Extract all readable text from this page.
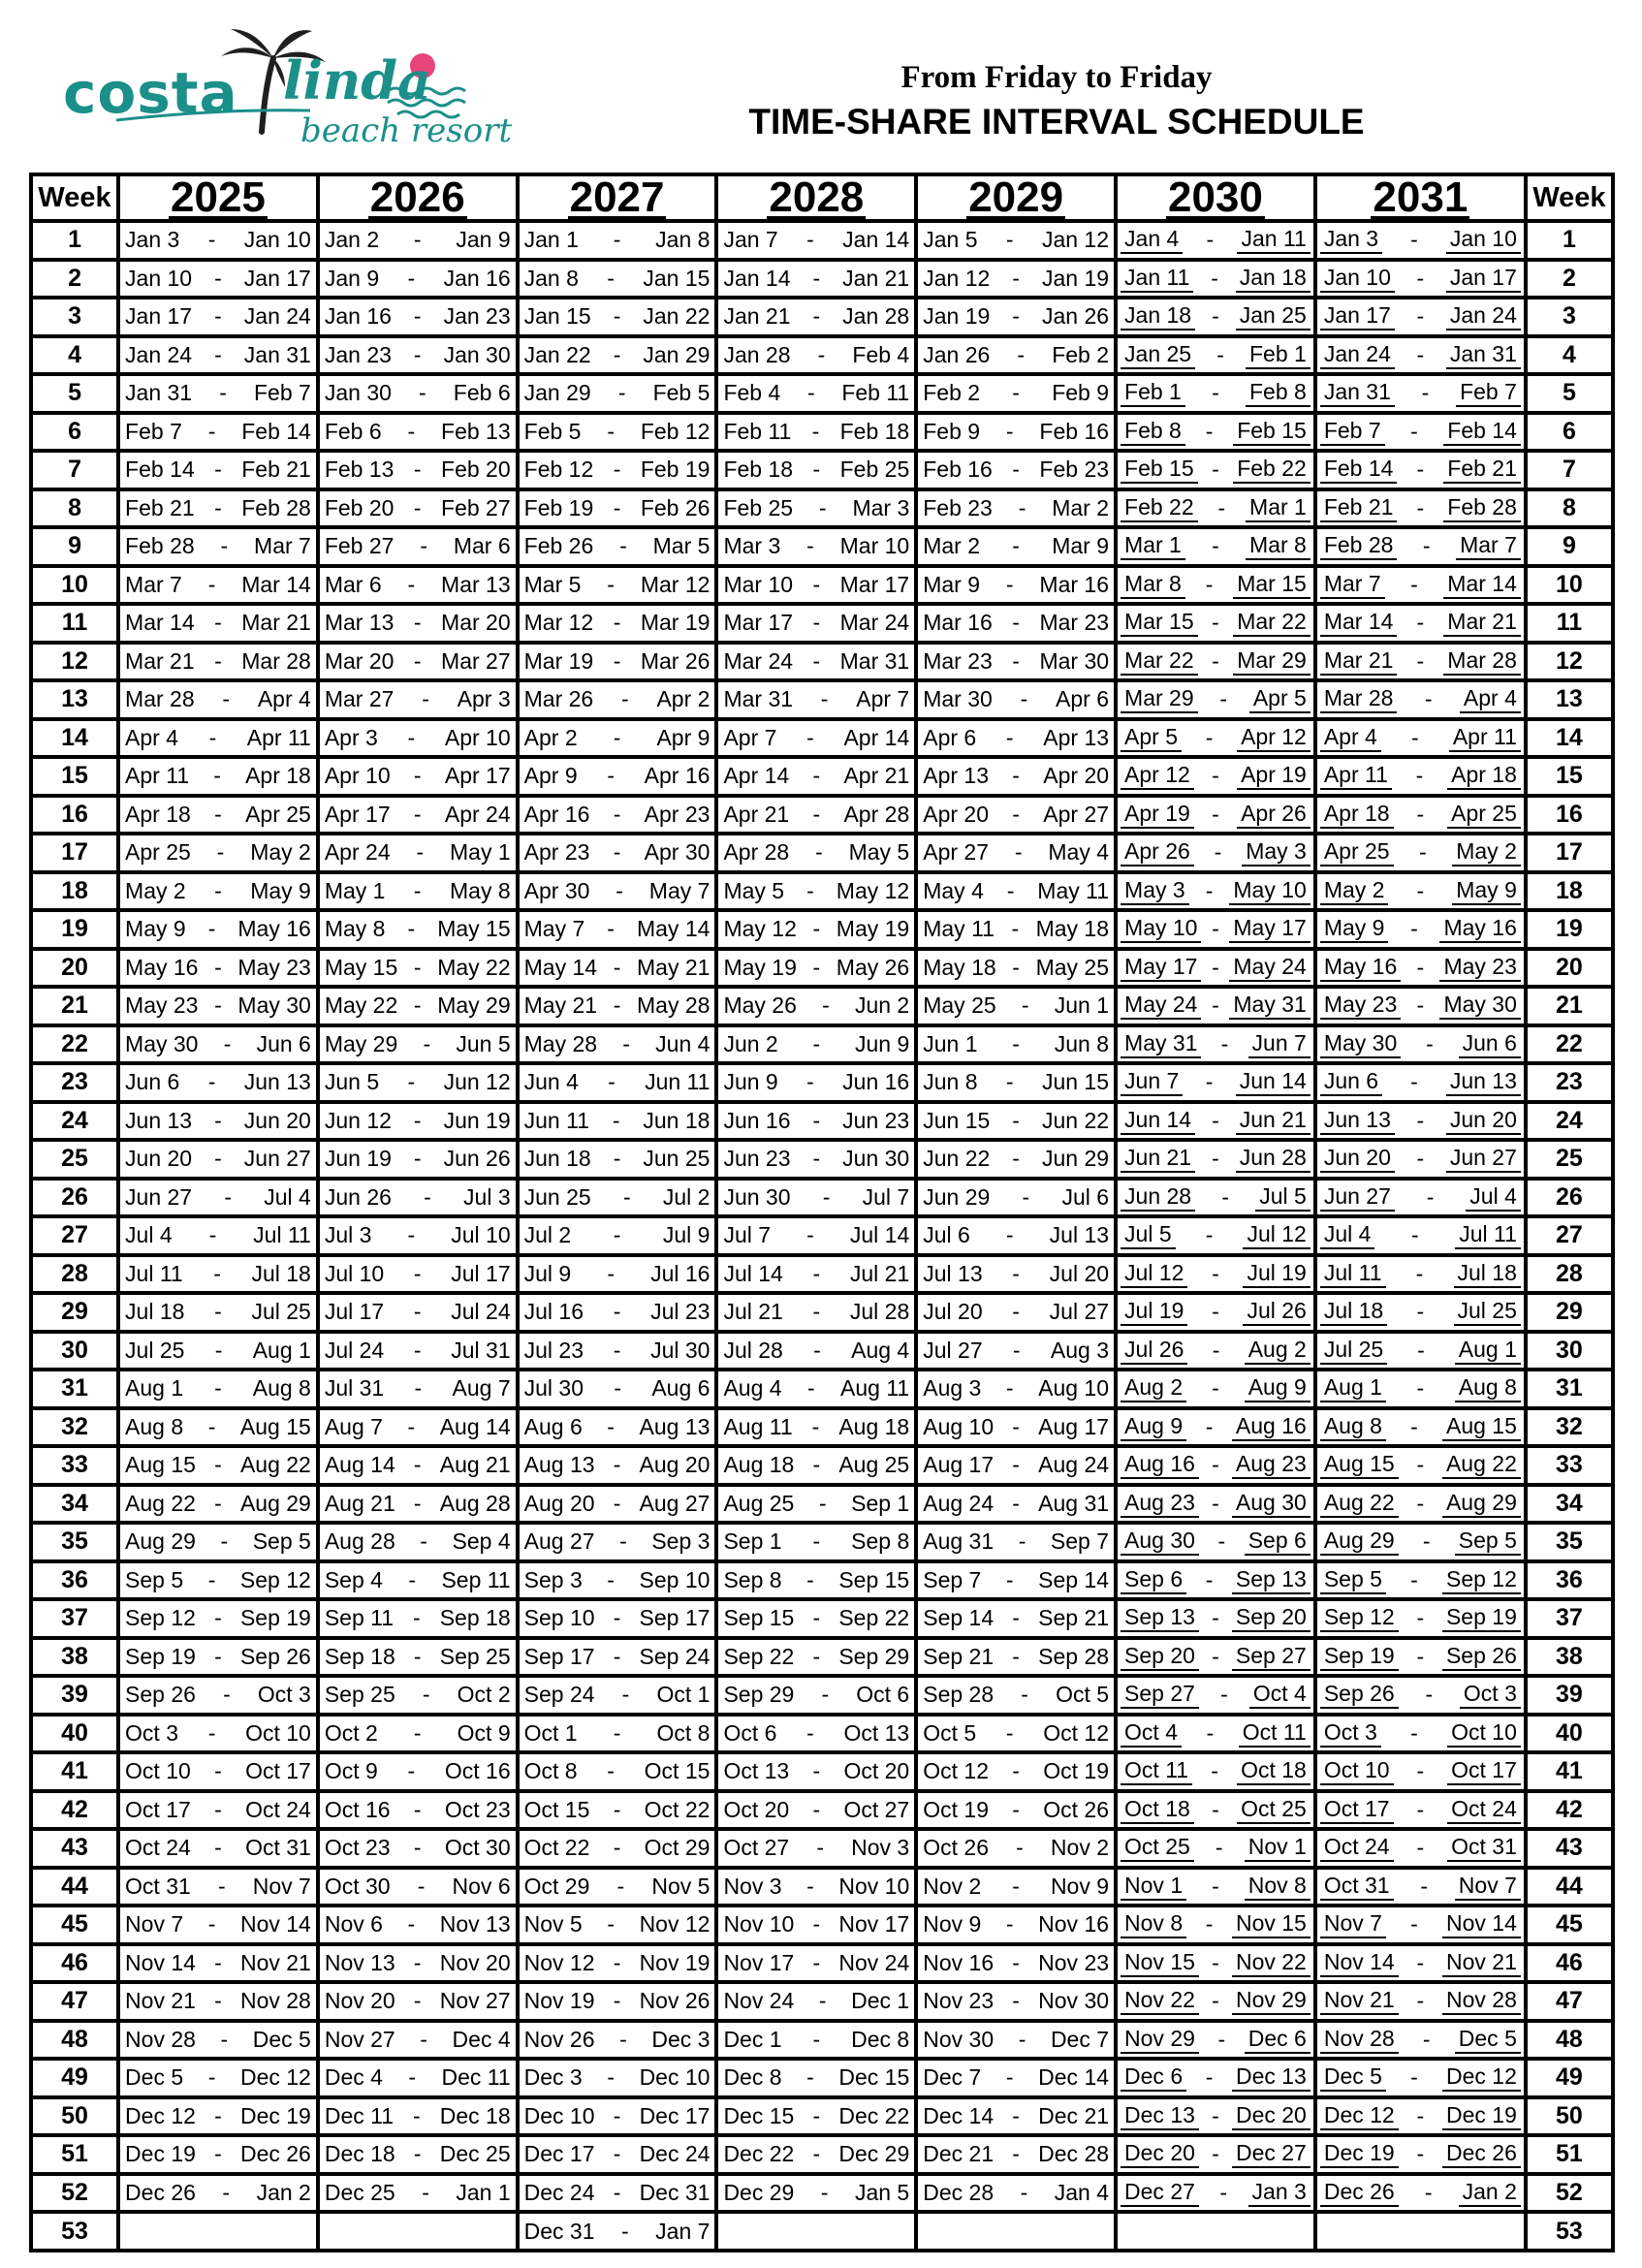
costa linda
beach resort
From Friday to Friday
TIME-SHARE INTERVAL SCHEDULE
Week	2025	2026	2027	2028	2029	2030	2031	Week
1	Jan 3 - Jan 10	Jan 2 - Jan 9	Jan 1 - Jan 8	Jan 7 - Jan 14	Jan 5 - Jan 12	Jan 4 - Jan 11	Jan 3 - Jan 10	1
2	Jan 10 - Jan 17	Jan 9 - Jan 16	Jan 8 - Jan 15	Jan 14 - Jan 21	Jan 12 - Jan 19	Jan 11 - Jan 18	Jan 10 - Jan 17	2
3	Jan 17 - Jan 24	Jan 16 - Jan 23	Jan 15 - Jan 22	Jan 21 - Jan 28	Jan 19 - Jan 26	Jan 18 - Jan 25	Jan 17 - Jan 24	3
4	Jan 24 - Jan 31	Jan 23 - Jan 30	Jan 22 - Jan 29	Jan 28 - Feb 4	Jan 26 - Feb 2	Jan 25 - Feb 1	Jan 24 - Jan 31	4
5	Jan 31 - Feb 7	Jan 30 - Feb 6	Jan 29 - Feb 5	Feb 4 - Feb 11	Feb 2 - Feb 9	Feb 1 - Feb 8	Jan 31 - Feb 7	5
6	Feb 7 - Feb 14	Feb 6 - Feb 13	Feb 5 - Feb 12	Feb 11 - Feb 18	Feb 9 - Feb 16	Feb 8 - Feb 15	Feb 7 - Feb 14	6
7	Feb 14 - Feb 21	Feb 13 - Feb 20	Feb 12 - Feb 19	Feb 18 - Feb 25	Feb 16 - Feb 23	Feb 15 - Feb 22	Feb 14 - Feb 21	7
8	Feb 21 - Feb 28	Feb 20 - Feb 27	Feb 19 - Feb 26	Feb 25 - Mar 3	Feb 23 - Mar 2	Feb 22 - Mar 1	Feb 21 - Feb 28	8
9	Feb 28 - Mar 7	Feb 27 - Mar 6	Feb 26 - Mar 5	Mar 3 - Mar 10	Mar 2 - Mar 9	Mar 1 - Mar 8	Feb 28 - Mar 7	9
10	Mar 7 - Mar 14	Mar 6 - Mar 13	Mar 5 - Mar 12	Mar 10 - Mar 17	Mar 9 - Mar 16	Mar 8 - Mar 15	Mar 7 - Mar 14	10
11	Mar 14 - Mar 21	Mar 13 - Mar 20	Mar 12 - Mar 19	Mar 17 - Mar 24	Mar 16 - Mar 23	Mar 15 - Mar 22	Mar 14 - Mar 21	11
12	Mar 21 - Mar 28	Mar 20 - Mar 27	Mar 19 - Mar 26	Mar 24 - Mar 31	Mar 23 - Mar 30	Mar 22 - Mar 29	Mar 21 - Mar 28	12
13	Mar 28 - Apr 4	Mar 27 - Apr 3	Mar 26 - Apr 2	Mar 31 - Apr 7	Mar 30 - Apr 6	Mar 29 - Apr 5	Mar 28 - Apr 4	13
14	Apr 4 - Apr 11	Apr 3 - Apr 10	Apr 2 - Apr 9	Apr 7 - Apr 14	Apr 6 - Apr 13	Apr 5 - Apr 12	Apr 4 - Apr 11	14
15	Apr 11 - Apr 18	Apr 10 - Apr 17	Apr 9 - Apr 16	Apr 14 - Apr 21	Apr 13 - Apr 20	Apr 12 - Apr 19	Apr 11 - Apr 18	15
16	Apr 18 - Apr 25	Apr 17 - Apr 24	Apr 16 - Apr 23	Apr 21 - Apr 28	Apr 20 - Apr 27	Apr 19 - Apr 26	Apr 18 - Apr 25	16
17	Apr 25 - May 2	Apr 24 - May 1	Apr 23 - Apr 30	Apr 28 - May 5	Apr 27 - May 4	Apr 26 - May 3	Apr 25 - May 2	17
18	May 2 - May 9	May 1 - May 8	Apr 30 - May 7	May 5 - May 12	May 4 - May 11	May 3 - May 10	May 2 - May 9	18
19	May 9 - May 16	May 8 - May 15	May 7 - May 14	May 12 - May 19	May 11 - May 18	May 10 - May 17	May 9 - May 16	19
20	May 16 - May 23	May 15 - May 22	May 14 - May 21	May 19 - May 26	May 18 - May 25	May 17 - May 24	May 16 - May 23	20
21	May 23 - May 30	May 22 - May 29	May 21 - May 28	May 26 - Jun 2	May 25 - Jun 1	May 24 - May 31	May 23 - May 30	21
22	May 30 - Jun 6	May 29 - Jun 5	May 28 - Jun 4	Jun 2 - Jun 9	Jun 1 - Jun 8	May 31 - Jun 7	May 30 - Jun 6	22
23	Jun 6 - Jun 13	Jun 5 - Jun 12	Jun 4 - Jun 11	Jun 9 - Jun 16	Jun 8 - Jun 15	Jun 7 - Jun 14	Jun 6 - Jun 13	23
24	Jun 13 - Jun 20	Jun 12 - Jun 19	Jun 11 - Jun 18	Jun 16 - Jun 23	Jun 15 - Jun 22	Jun 14 - Jun 21	Jun 13 - Jun 20	24
25	Jun 20 - Jun 27	Jun 19 - Jun 26	Jun 18 - Jun 25	Jun 23 - Jun 30	Jun 22 - Jun 29	Jun 21 - Jun 28	Jun 20 - Jun 27	25
26	Jun 27 - Jul 4	Jun 26 - Jul 3	Jun 25 - Jul 2	Jun 30 - Jul 7	Jun 29 - Jul 6	Jun 28 - Jul 5	Jun 27 - Jul 4	26
27	Jul 4 - Jul 11	Jul 3 - Jul 10	Jul 2 - Jul 9	Jul 7 - Jul 14	Jul 6 - Jul 13	Jul 5 - Jul 12	Jul 4 - Jul 11	27
28	Jul 11 - Jul 18	Jul 10 - Jul 17	Jul 9 - Jul 16	Jul 14 - Jul 21	Jul 13 - Jul 20	Jul 12 - Jul 19	Jul 11 - Jul 18	28
29	Jul 18 - Jul 25	Jul 17 - Jul 24	Jul 16 - Jul 23	Jul 21 - Jul 28	Jul 20 - Jul 27	Jul 19 - Jul 26	Jul 18 - Jul 25	29
30	Jul 25 - Aug 1	Jul 24 - Jul 31	Jul 23 - Jul 30	Jul 28 - Aug 4	Jul 27 - Aug 3	Jul 26 - Aug 2	Jul 25 - Aug 1	30
31	Aug 1 - Aug 8	Jul 31 - Aug 7	Jul 30 - Aug 6	Aug 4 - Aug 11	Aug 3 - Aug 10	Aug 2 - Aug 9	Aug 1 - Aug 8	31
32	Aug 8 - Aug 15	Aug 7 - Aug 14	Aug 6 - Aug 13	Aug 11 - Aug 18	Aug 10 - Aug 17	Aug 9 - Aug 16	Aug 8 - Aug 15	32
33	Aug 15 - Aug 22	Aug 14 - Aug 21	Aug 13 - Aug 20	Aug 18 - Aug 25	Aug 17 - Aug 24	Aug 16 - Aug 23	Aug 15 - Aug 22	33
34	Aug 22 - Aug 29	Aug 21 - Aug 28	Aug 20 - Aug 27	Aug 25 - Sep 1	Aug 24 - Aug 31	Aug 23 - Aug 30	Aug 22 - Aug 29	34
35	Aug 29 - Sep 5	Aug 28 - Sep 4	Aug 27 - Sep 3	Sep 1 - Sep 8	Aug 31 - Sep 7	Aug 30 - Sep 6	Aug 29 - Sep 5	35
36	Sep 5 - Sep 12	Sep 4 - Sep 11	Sep 3 - Sep 10	Sep 8 - Sep 15	Sep 7 - Sep 14	Sep 6 - Sep 13	Sep 5 - Sep 12	36
37	Sep 12 - Sep 19	Sep 11 - Sep 18	Sep 10 - Sep 17	Sep 15 - Sep 22	Sep 14 - Sep 21	Sep 13 - Sep 20	Sep 12 - Sep 19	37
38	Sep 19 - Sep 26	Sep 18 - Sep 25	Sep 17 - Sep 24	Sep 22 - Sep 29	Sep 21 - Sep 28	Sep 20 - Sep 27	Sep 19 - Sep 26	38
39	Sep 26 - Oct 3	Sep 25 - Oct 2	Sep 24 - Oct 1	Sep 29 - Oct 6	Sep 28 - Oct 5	Sep 27 - Oct 4	Sep 26 - Oct 3	39
40	Oct 3 - Oct 10	Oct 2 - Oct 9	Oct 1 - Oct 8	Oct 6 - Oct 13	Oct 5 - Oct 12	Oct 4 - Oct 11	Oct 3 - Oct 10	40
41	Oct 10 - Oct 17	Oct 9 - Oct 16	Oct 8 - Oct 15	Oct 13 - Oct 20	Oct 12 - Oct 19	Oct 11 - Oct 18	Oct 10 - Oct 17	41
42	Oct 17 - Oct 24	Oct 16 - Oct 23	Oct 15 - Oct 22	Oct 20 - Oct 27	Oct 19 - Oct 26	Oct 18 - Oct 25	Oct 17 - Oct 24	42
43	Oct 24 - Oct 31	Oct 23 - Oct 30	Oct 22 - Oct 29	Oct 27 - Nov 3	Oct 26 - Nov 2	Oct 25 - Nov 1	Oct 24 - Oct 31	43
44	Oct 31 - Nov 7	Oct 30 - Nov 6	Oct 29 - Nov 5	Nov 3 - Nov 10	Nov 2 - Nov 9	Nov 1 - Nov 8	Oct 31 - Nov 7	44
45	Nov 7 - Nov 14	Nov 6 - Nov 13	Nov 5 - Nov 12	Nov 10 - Nov 17	Nov 9 - Nov 16	Nov 8 - Nov 15	Nov 7 - Nov 14	45
46	Nov 14 - Nov 21	Nov 13 - Nov 20	Nov 12 - Nov 19	Nov 17 - Nov 24	Nov 16 - Nov 23	Nov 15 - Nov 22	Nov 14 - Nov 21	46
47	Nov 21 - Nov 28	Nov 20 - Nov 27	Nov 19 - Nov 26	Nov 24 - Dec 1	Nov 23 - Nov 30	Nov 22 - Nov 29	Nov 21 - Nov 28	47
48	Nov 28 - Dec 5	Nov 27 - Dec 4	Nov 26 - Dec 3	Dec 1 - Dec 8	Nov 30 - Dec 7	Nov 29 - Dec 6	Nov 28 - Dec 5	48
49	Dec 5 - Dec 12	Dec 4 - Dec 11	Dec 3 - Dec 10	Dec 8 - Dec 15	Dec 7 - Dec 14	Dec 6 - Dec 13	Dec 5 - Dec 12	49
50	Dec 12 - Dec 19	Dec 11 - Dec 18	Dec 10 - Dec 17	Dec 15 - Dec 22	Dec 14 - Dec 21	Dec 13 - Dec 20	Dec 12 - Dec 19	50
51	Dec 19 - Dec 26	Dec 18 - Dec 25	Dec 17 - Dec 24	Dec 22 - Dec 29	Dec 21 - Dec 28	Dec 20 - Dec 27	Dec 19 - Dec 26	51
52	Dec 26 - Jan 2	Dec 25 - Jan 1	Dec 24 - Dec 31	Dec 29 - Jan 5	Dec 28 - Jan 4	Dec 27 - Jan 3	Dec 26 - Jan 2	52
53			Dec 31 - Jan 7					53
